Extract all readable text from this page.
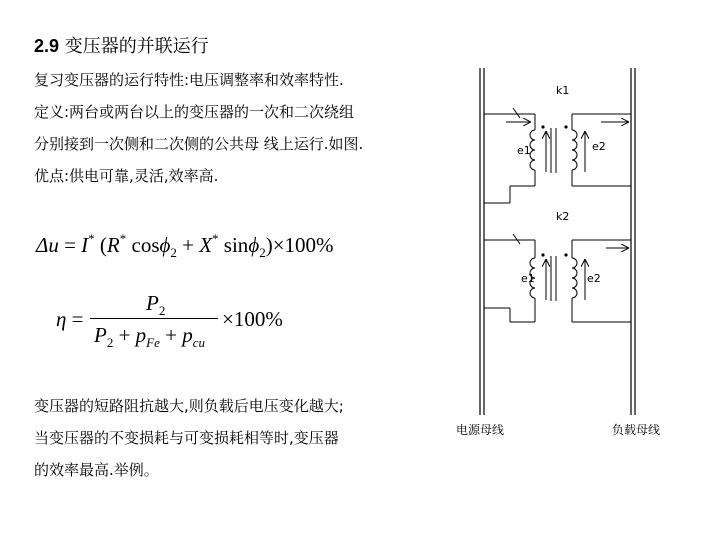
2.9 变压器的并联运行
复习变压器的运行特性:电压调整率和效率特性.
定义:两台或两台以上的变压器的一次和二次绕组
分别接到一次侧和二次侧的公共母 线上运行.如图.
优点:供电可靠,灵活,效率高.
Δu = I* (R* cosϕ$_2$ + X* sinϕ$_2$)×100%
η =
$P_2$
$P_2 + p_{Fe} + p_{cu}$
×100%
变压器的短路阻抗越大,则负载后电压变化越大;
当变压器的不变损耗与可变损耗相等时,变压器
的效率最高.举例。
k1
k2
e1	e2
e1	e2
电源母线	负载母线
